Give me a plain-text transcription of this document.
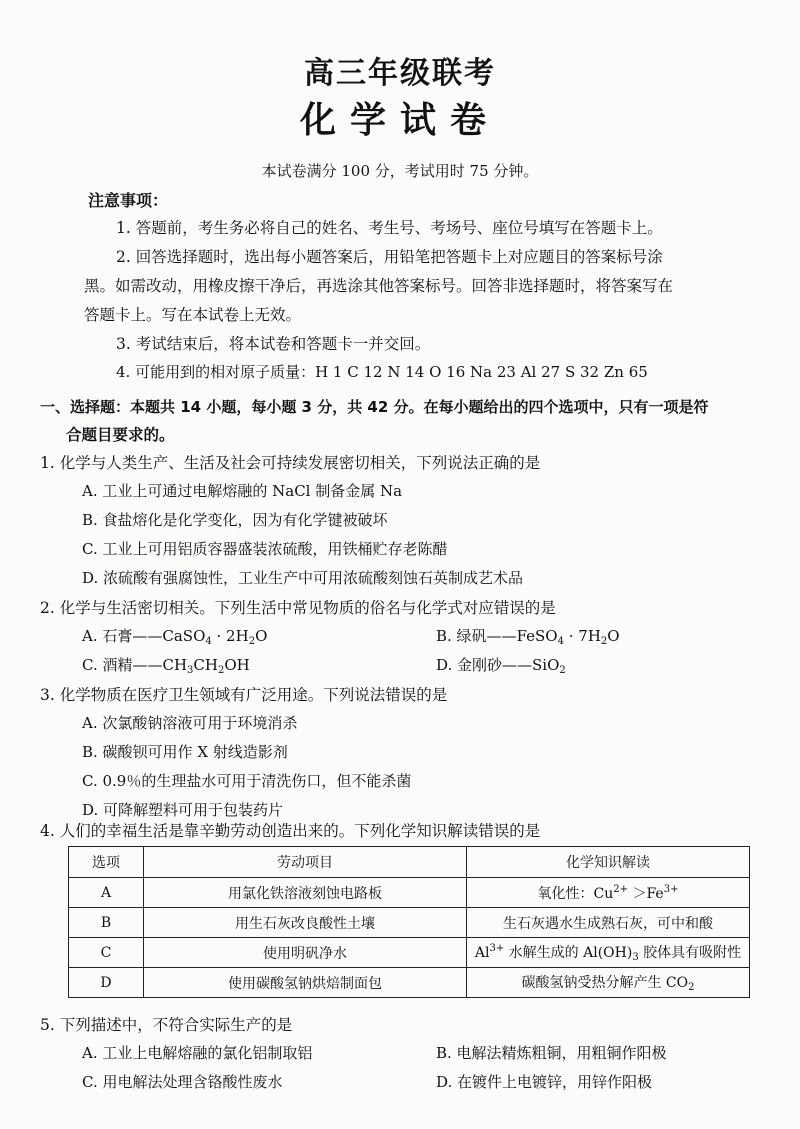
高三年级联考
化学试卷
本试卷满分 100 分，考试用时 75 分钟。
注意事项：
1. 答题前，考生务必将自己的姓名、考生号、考场号、座位号填写在答题卡上。
2. 回答选择题时，选出每小题答案后，用铅笔把答题卡上对应题目的答案标号涂
黑。如需改动，用橡皮擦干净后，再选涂其他答案标号。回答非选择题时，将答案写在
答题卡上。写在本试卷上无效。
3. 考试结束后，将本试卷和答题卡一并交回。
4. 可能用到的相对原子质量：H 1 C 12 N 14 O 16 Na 23 Al 27 S 32 Zn 65
一、选择题：本题共 14 小题，每小题 3 分，共 42 分。在每小题给出的四个选项中，只有一项是符
合题目要求的。
1. 化学与人类生产、生活及社会可持续发展密切相关，下列说法正确的是
A. 工业上可通过电解熔融的 NaCl 制备金属 Na
B. 食盐熔化是化学变化，因为有化学键被破坏
C. 工业上可用铝质容器盛装浓硫酸，用铁桶贮存老陈醋
D. 浓硫酸有强腐蚀性，工业生产中可用浓硫酸刻蚀石英制成艺术品
2. 化学与生活密切相关。下列生活中常见物质的俗名与化学式对应错误的是
A. 石膏——CaSO$_4$ · $2H_2O$	B. 绿矾——FeSO$_4$ · $7H_2O$
C. 酒精$——CH_3CH_2OH$	D. 金刚砂——SiO$_2$
3. 化学物质在医疗卫生领域有广泛用途。下列说法错误的是
A. 次氯酸钠溶液可用于环境消杀
B. 碳酸钡可用作 X 射线造影剂
C. 0.9％的生理盐水可用于清洗伤口，但不能杀菌
D. 可降解塑料可用于包装药片
4. 人们的幸福生活是靠辛勤劳动创造出来的。下列化学知识解读错误的是
选项	劳动项目	化学知识解读
A	用氯化铁溶液刻蚀电路板	氧化性：$Cu^{2+} >Fe^{3+}$
B	用生石灰改良酸性土壤	生石灰遇水生成熟石灰，可中和酸
C	使用明矾净水	$Al^{3+}$ 水解生成的 $Al(OH)_3$ 胶体具有吸附性
D	使用碳酸氢钠烘焙制面包	碳酸氢钠受热分解产生 $CO_2$
5. 下列描述中，不符合实际生产的是
A. 工业上电解熔融的氯化铝制取铝	B. 电解法精炼粗铜，用粗铜作阳极
C. 用电解法处理含铬酸性废水	D. 在镀件上电镀锌，用锌作阳极
